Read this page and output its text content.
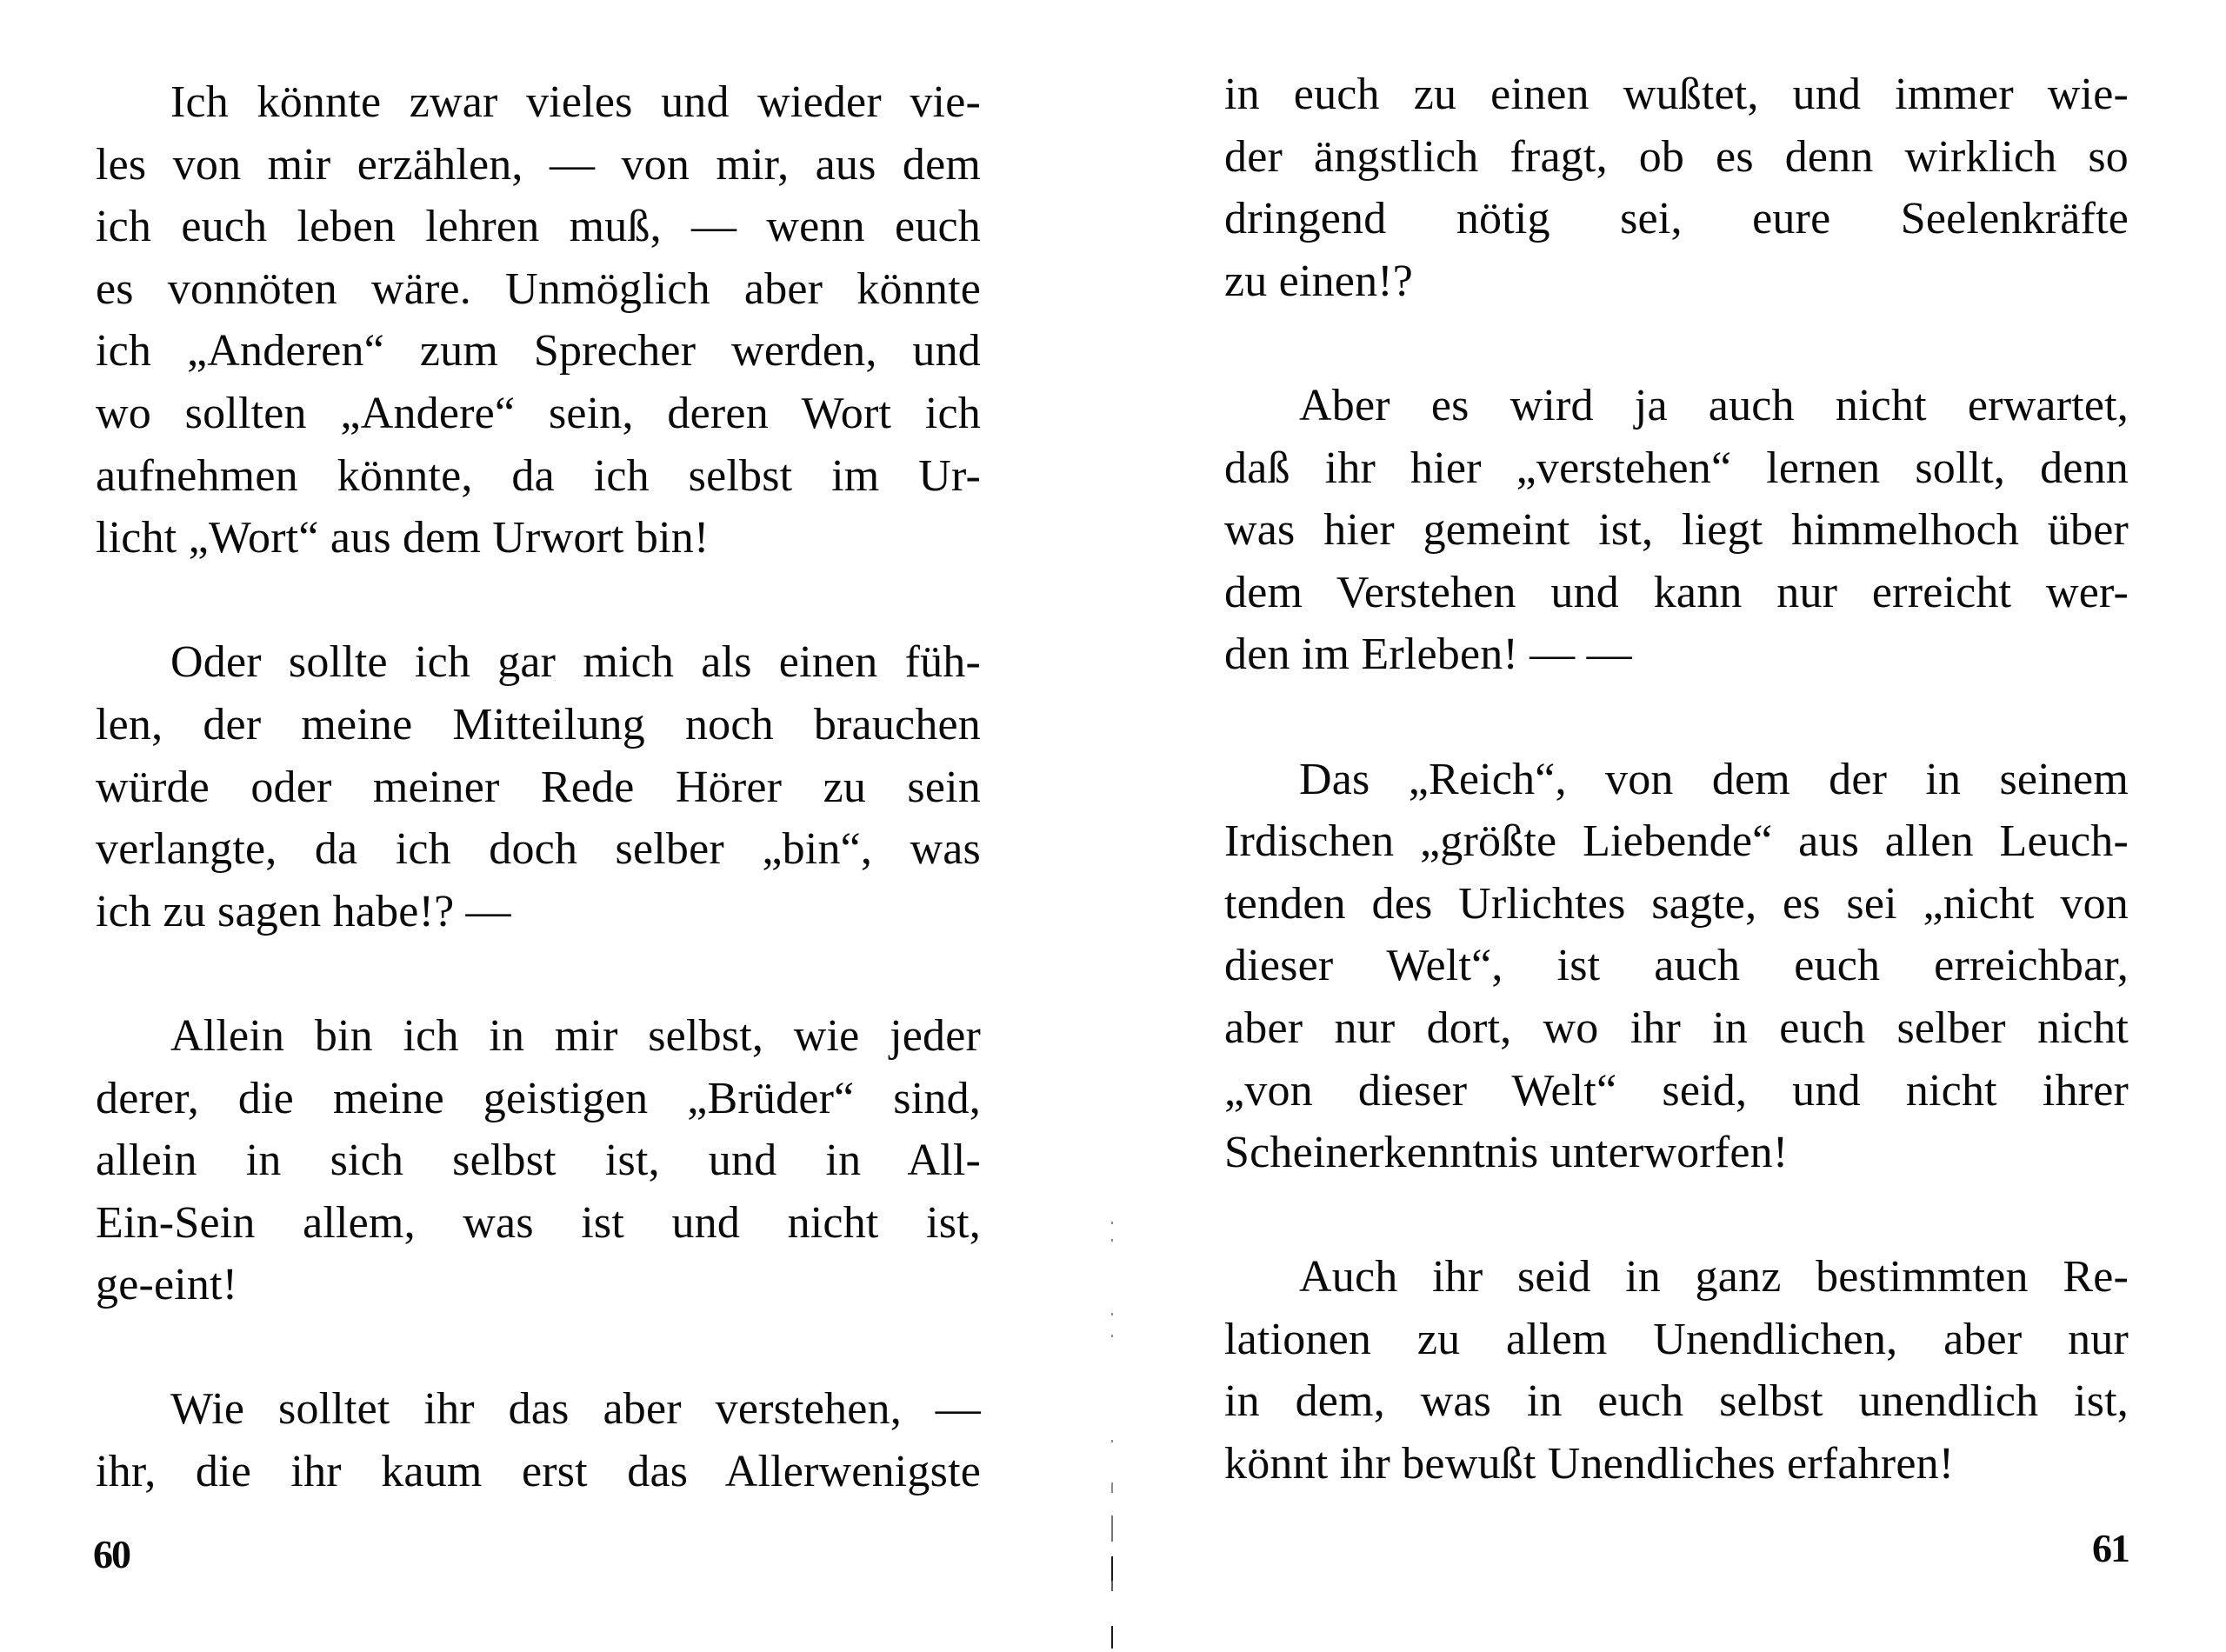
Ich könnte zwar vieles und wieder vie-
les von mir erzählen, — von mir, aus dem
ich euch leben lehren muß, — wenn euch
es vonnöten wäre. Unmöglich aber könnte
ich „Anderen“ zum Sprecher werden, und
wo sollten „Andere“ sein, deren Wort ich
aufnehmen könnte, da ich selbst im Ur-
licht „Wort“ aus dem Urwort bin!
Oder sollte ich gar mich als einen füh-
len, der meine Mitteilung noch brauchen
würde oder meiner Rede Hörer zu sein
verlangte, da ich doch selber „bin“, was
ich zu sagen habe!? —
Allein bin ich in mir selbst, wie jeder
derer, die meine geistigen „Brüder“ sind,
allein in sich selbst ist, und in All-
Ein-Sein allem, was ist und nicht ist,
ge-eint!
Wie solltet ihr das aber verstehen, —
ihr, die ihr kaum erst das Allerwenigste
60
in euch zu einen wußtet, und immer wie-
der ängstlich fragt, ob es denn wirklich so
dringend nötig sei, eure Seelenkräfte
zu einen!?
Aber es wird ja auch nicht erwartet,
daß ihr hier „verstehen“ lernen sollt, denn
was hier gemeint ist, liegt himmelhoch über
dem Verstehen und kann nur erreicht wer-
den im Erleben! — —
Das „Reich“, von dem der in seinem
Irdischen „größte Liebende“ aus allen Leuch-
tenden des Urlichtes sagte, es sei „nicht von
dieser Welt“, ist auch euch erreichbar,
aber nur dort, wo ihr in euch selber nicht
„von dieser Welt“ seid, und nicht ihrer
Scheinerkenntnis unterworfen!
Auch ihr seid in ganz bestimmten Re-
lationen zu allem Unendlichen, aber nur
in dem, was in euch selbst unendlich ist,
könnt ihr bewußt Unendliches erfahren!
61
